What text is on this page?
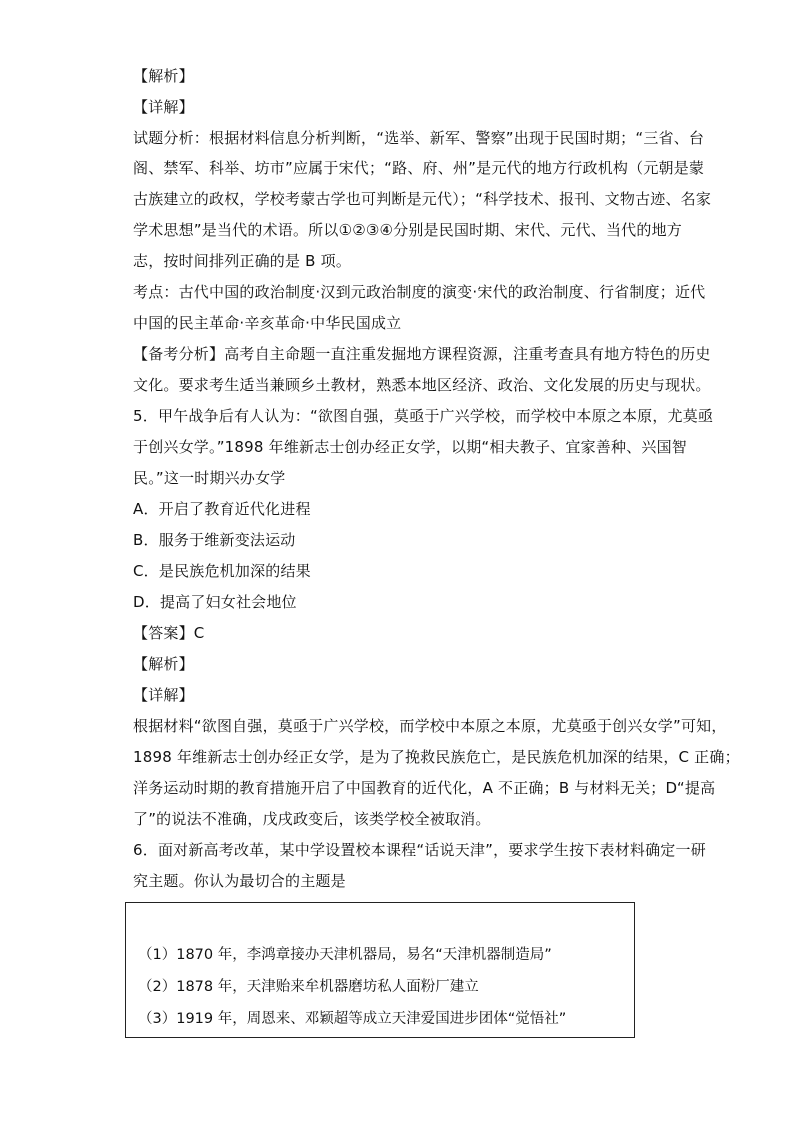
【解析】
【详解】
试题分析：根据材料信息分析判断，“选举、新军、警察”出现于民国时期；“三省、台
阁、禁军、科举、坊市”应属于宋代；“路、府、州”是元代的地方行政机构（元朝是蒙
古族建立的政权，学校考蒙古学也可判断是元代）；“科学技术、报刊、文物古迹、名家
学术思想”是当代的术语。所以①②③④分别是民国时期、宋代、元代、当代的地方
志，按时间排列正确的是 B 项。
考点：古代中国的政治制度·汉到元政治制度的演变·宋代的政治制度、行省制度；近代
中国的民主革命·辛亥革命·中华民国成立
【备考分析】高考自主命题一直注重发掘地方课程资源，注重考查具有地方特色的历史
文化。要求考生适当兼顾乡土教材，熟悉本地区经济、政治、文化发展的历史与现状。
5．甲午战争后有人认为：“欲图自强，莫亟于广兴学校，而学校中本原之本原，尤莫亟
于创兴女学。”1898 年维新志士创办经正女学，以期“相夫教子、宜家善种、兴国智
民。”这一时期兴办女学
A．开启了教育近代化进程
B．服务于维新变法运动
C．是民族危机加深的结果
D．提高了妇女社会地位
【答案】C
【解析】
【详解】
根据材料“欲图自强，莫亟于广兴学校，而学校中本原之本原，尤莫亟于创兴女学”可知，
1898 年维新志士创办经正女学，是为了挽救民族危亡，是民族危机加深的结果，C 正确；
洋务运动时期的教育措施开启了中国教育的近代化，A 不正确；B 与材料无关；D“提高
了”的说法不准确，戊戌政变后，该类学校全被取消。
6．面对新高考改革，某中学设置校本课程“话说天津”，要求学生按下表材料确定一研
究主题。你认为最切合的主题是
（1）1870 年，李鸿章接办天津机器局，易名“天津机器制造局”
（2）1878 年，天津贻来牟机器磨坊私人面粉厂建立
（3）1919 年，周恩来、邓颖超等成立天津爱国进步团体“觉悟社”
